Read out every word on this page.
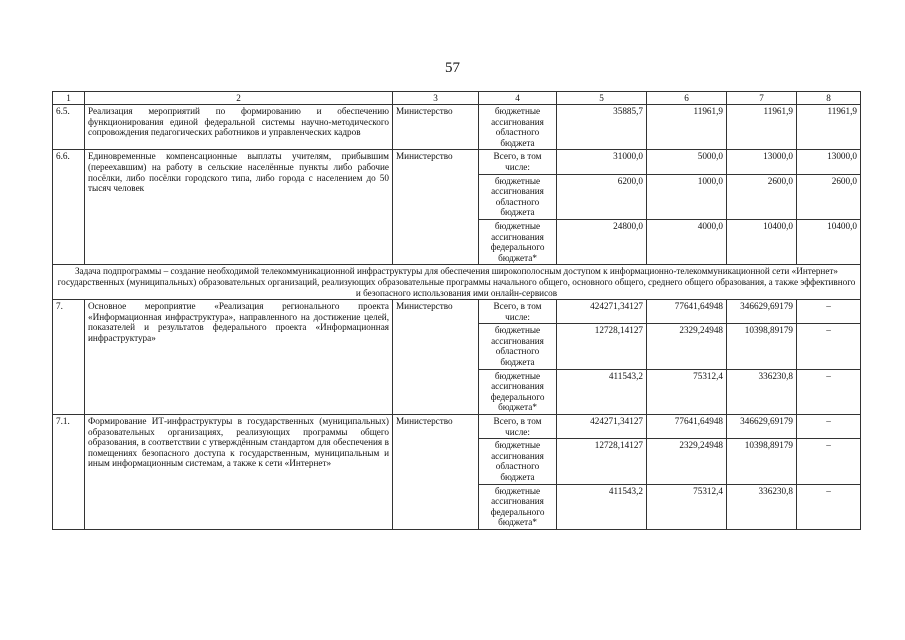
57
1	2	3	4	5	6	7	8
6.5.	Реализация мероприятий по формированию и обеспечению функционирования единой федеральной системы научно-методического сопровождения педагогических работников и управленческих кадров	Министерство	бюджетные ассигнования областного бюджета	35885,7	11961,9	11961,9	11961,9
6.6.	Единовременные компенсационные выплаты учителям, прибывшим (переехавшим) на работу в сельские населённые пункты либо рабочие посёлки, либо посёлки городского типа, либо города с населением до 50 тысяч человек	Министерство	Всего, в том числе:	31000,0	5000,0	13000,0	13000,0
			бюджетные ассигнования областного бюджета	6200,0	1000,0	2600,0	2600,0
			бюджетные ассигнования федерального бюджета*	24800,0	4000,0	10400,0	10400,0
Задача подпрограммы – создание необходимой телекоммуникационной инфраструктуры для обеспечения широкополосным доступом к информационно-телекоммуникационной сети «Интернет» государственных (муниципальных) образовательных организаций, реализующих образовательные программы начального общего, основного общего, среднего общего образования, а также эффективного и безопасного использования ими онлайн-сервисов							
7.	Основное мероприятие «Реализация регионального проекта «Информационная инфраструктура», направленного на достижение целей, показателей и результатов федерального проекта «Информационная инфраструктура»	Министерство	Всего, в том числе:	424271,34127	77641,64948	346629,69179	–
			бюджетные ассигнования областного бюджета	12728,14127	2329,24948	10398,89179	–
			бюджетные ассигнования федерального бюджета*	411543,2	75312,4	336230,8	–
7.1.	Формирование ИТ-инфраструктуры в государственных (муниципальных) образовательных организациях, реализующих программы общего образования, в соответствии с утверждённым стандартом для обеспечения в помещениях безопасного доступа к государственным, муниципальным и иным информационным системам, а также к сети «Интернет»	Министерство	Всего, в том числе:	424271,34127	77641,64948	346629,69179	–
			бюджетные ассигнования областного бюджета	12728,14127	2329,24948	10398,89179	–
			бюджетные ассигнования федерального бюджета*	411543,2	75312,4	336230,8	–
